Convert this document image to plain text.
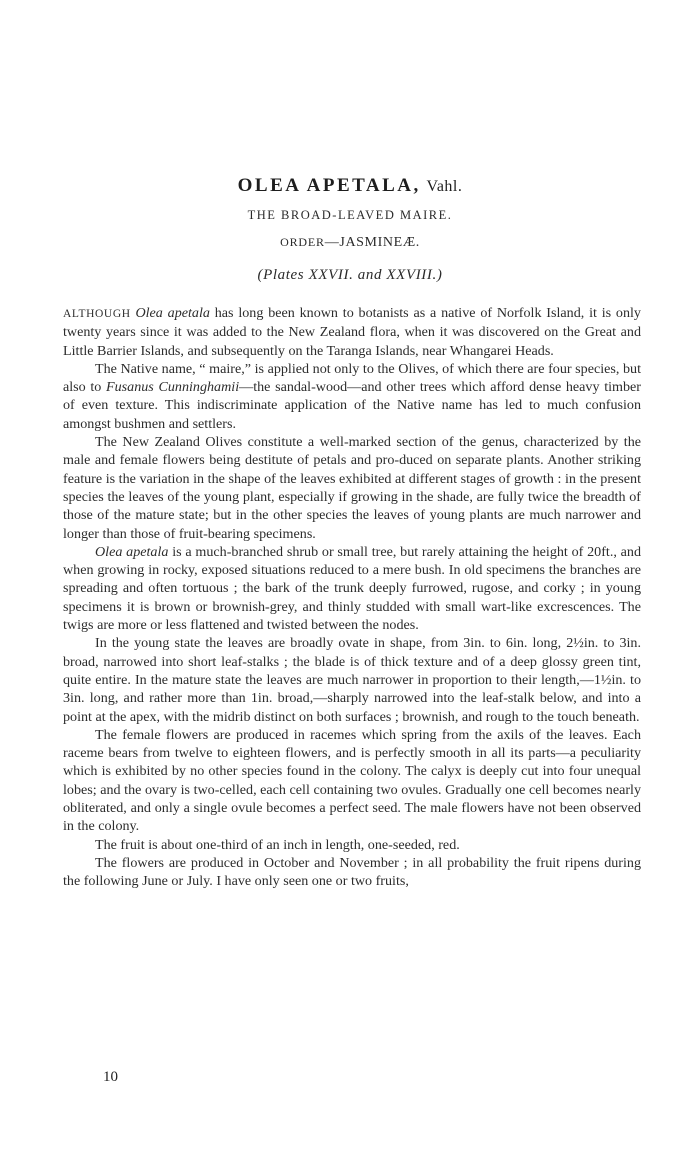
OLEA APETALA, Vahl.
THE BROAD-LEAVED MAIRE.
ORDER—JASMINEÆ.
(Plates XXVII. and XXVIII.)

ALTHOUGH Olea apetala has long been known to botanists as a native of Norfolk Island, it is only twenty years since it was added to the New Zealand flora, when it was discovered on the Great and Little Barrier Islands, and subsequently on the Taranga Islands, near Whangarei Heads.

The Native name, “ maire,” is applied not only to the Olives, of which there are four species, but also to Fusanus Cunninghamii—the sandal-wood—and other trees which afford dense heavy timber of even texture. This indiscriminate application of the Native name has led to much confusion amongst bushmen and settlers.

The New Zealand Olives constitute a well-marked section of the genus, characterized by the male and female flowers being destitute of petals and pro-duced on separate plants. Another striking feature is the variation in the shape of the leaves exhibited at different stages of growth : in the present species the leaves of the young plant, especially if growing in the shade, are fully twice the breadth of those of the mature state; but in the other species the leaves of young plants are much narrower and longer than those of fruit-bearing specimens.

Olea apetala is a much-branched shrub or small tree, but rarely attaining the height of 20ft., and when growing in rocky, exposed situations reduced to a mere bush. In old specimens the branches are spreading and often tortuous ; the bark of the trunk deeply furrowed, rugose, and corky ; in young specimens it is brown or brownish-grey, and thinly studded with small wart-like excrescences. The twigs are more or less flattened and twisted between the nodes.

In the young state the leaves are broadly ovate in shape, from 3in. to 6in. long, 2½in. to 3in. broad, narrowed into short leaf-stalks ; the blade is of thick texture and of a deep glossy green tint, quite entire. In the mature state the leaves are much narrower in proportion to their length,—1½in. to 3in. long, and rather more than 1in. broad,—sharply narrowed into the leaf-stalk below, and into a point at the apex, with the midrib distinct on both surfaces ; brownish, and rough to the touch beneath.

The female flowers are produced in racemes which spring from the axils of the leaves. Each raceme bears from twelve to eighteen flowers, and is perfectly smooth in all its parts—a peculiarity which is exhibited by no other species found in the colony. The calyx is deeply cut into four unequal lobes; and the ovary is two-celled, each cell containing two ovules. Gradually one cell becomes nearly obliterated, and only a single ovule becomes a perfect seed. The male flowers have not been observed in the colony.

The fruit is about one-third of an inch in length, one-seeded, red.

The flowers are produced in October and November ; in all probability the fruit ripens during the following June or July. I have only seen one or two fruits,

10
